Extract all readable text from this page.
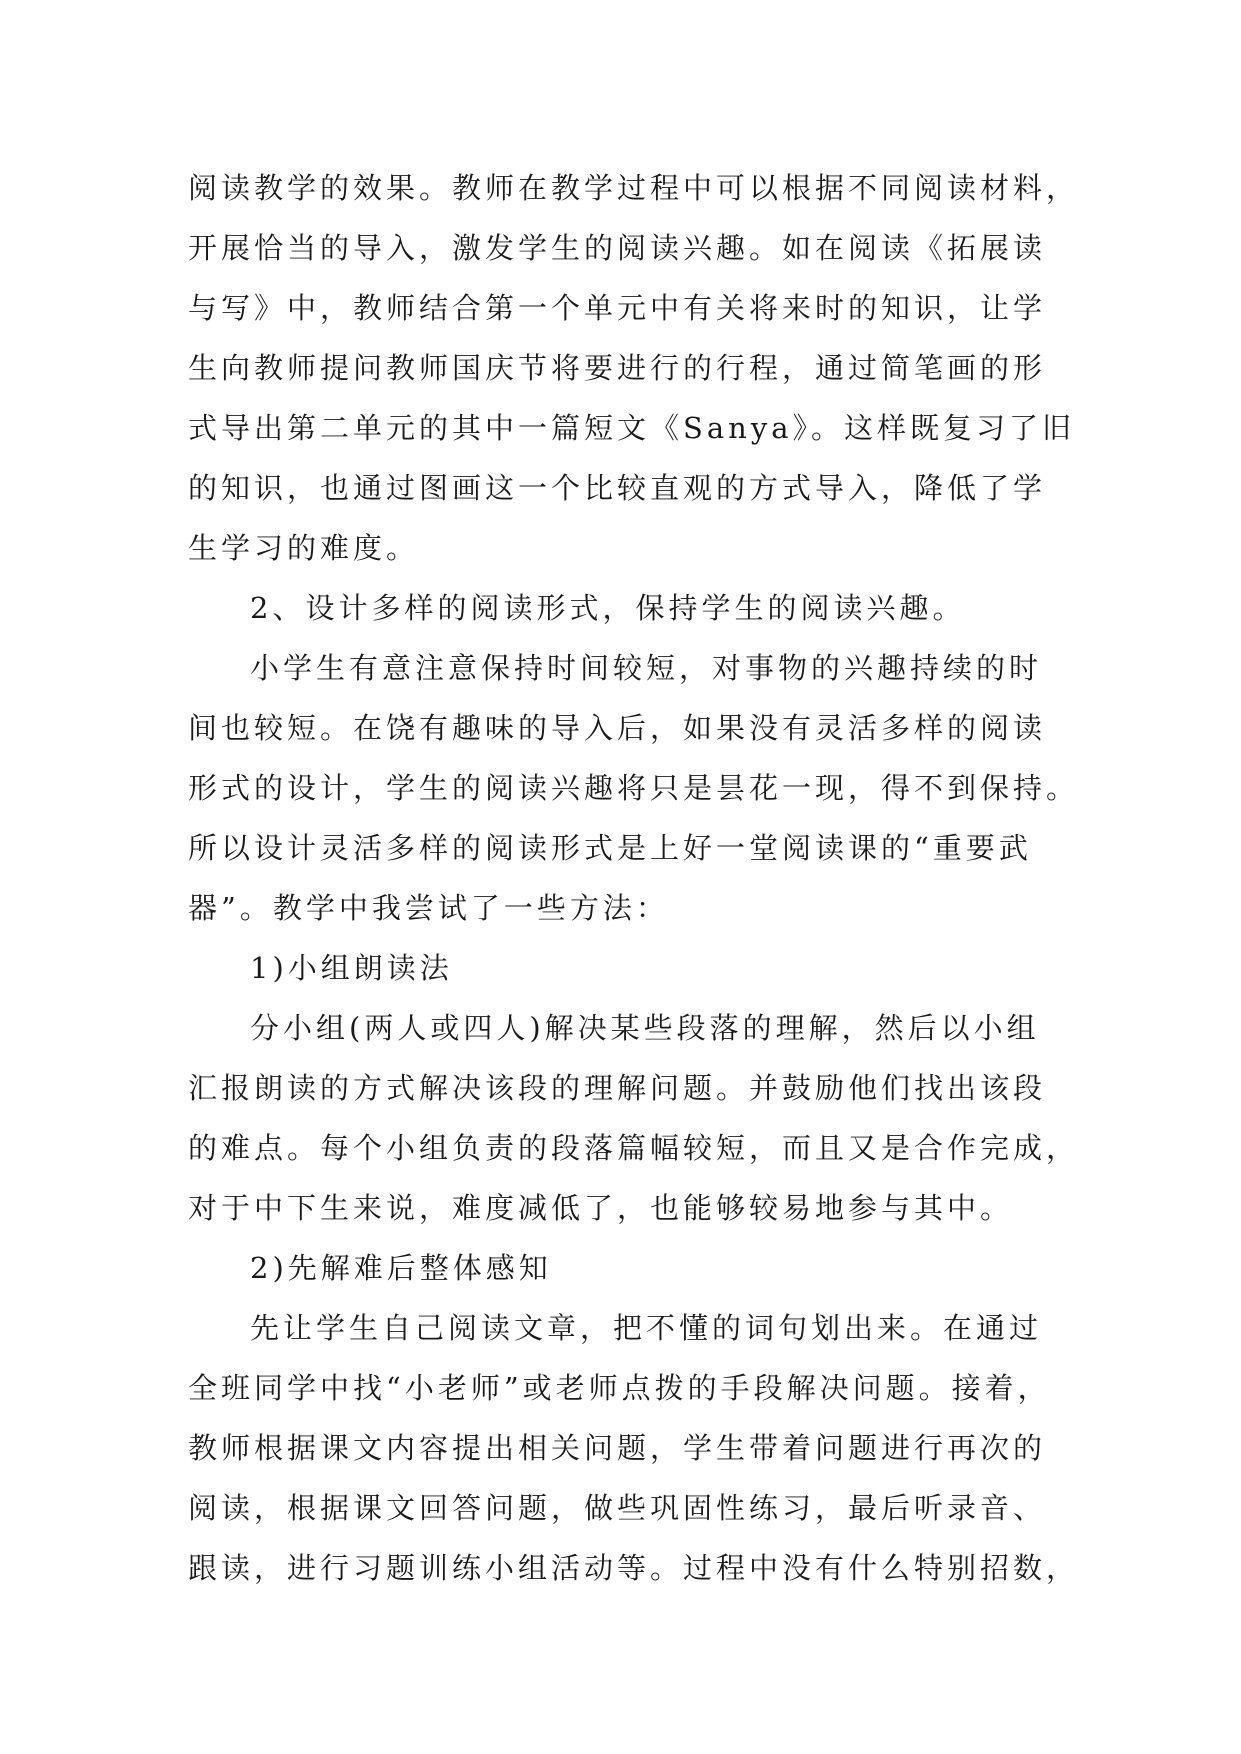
阅读教学的效果。教师在教学过程中可以根据不同阅读材料，
开展恰当的导入，激发学生的阅读兴趣。如在阅读《拓展读
与写》中，教师结合第一个单元中有关将来时的知识，让学
生向教师提问教师国庆节将要进行的行程，通过简笔画的形
式导出第二单元的其中一篇短文《Sanya》。这样既复习了旧
的知识，也通过图画这一个比较直观的方式导入，降低了学
生学习的难度。
2、设计多样的阅读形式，保持学生的阅读兴趣。
小学生有意注意保持时间较短，对事物的兴趣持续的时
间也较短。在饶有趣味的导入后，如果没有灵活多样的阅读
形式的设计，学生的阅读兴趣将只是昙花一现，得不到保持。
所以设计灵活多样的阅读形式是上好一堂阅读课的“重要武
器”。教学中我尝试了一些方法：
1)小组朗读法
分小组(两人或四人)解决某些段落的理解，然后以小组
汇报朗读的方式解决该段的理解问题。并鼓励他们找出该段
的难点。每个小组负责的段落篇幅较短，而且又是合作完成，
对于中下生来说，难度减低了，也能够较易地参与其中。
2)先解难后整体感知
先让学生自己阅读文章，把不懂的词句划出来。在通过
全班同学中找“小老师”或老师点拨的手段解决问题。接着，
教师根据课文内容提出相关问题，学生带着问题进行再次的
阅读，根据课文回答问题，做些巩固性练习，最后听录音、
跟读，进行习题训练小组活动等。过程中没有什么特别招数，
